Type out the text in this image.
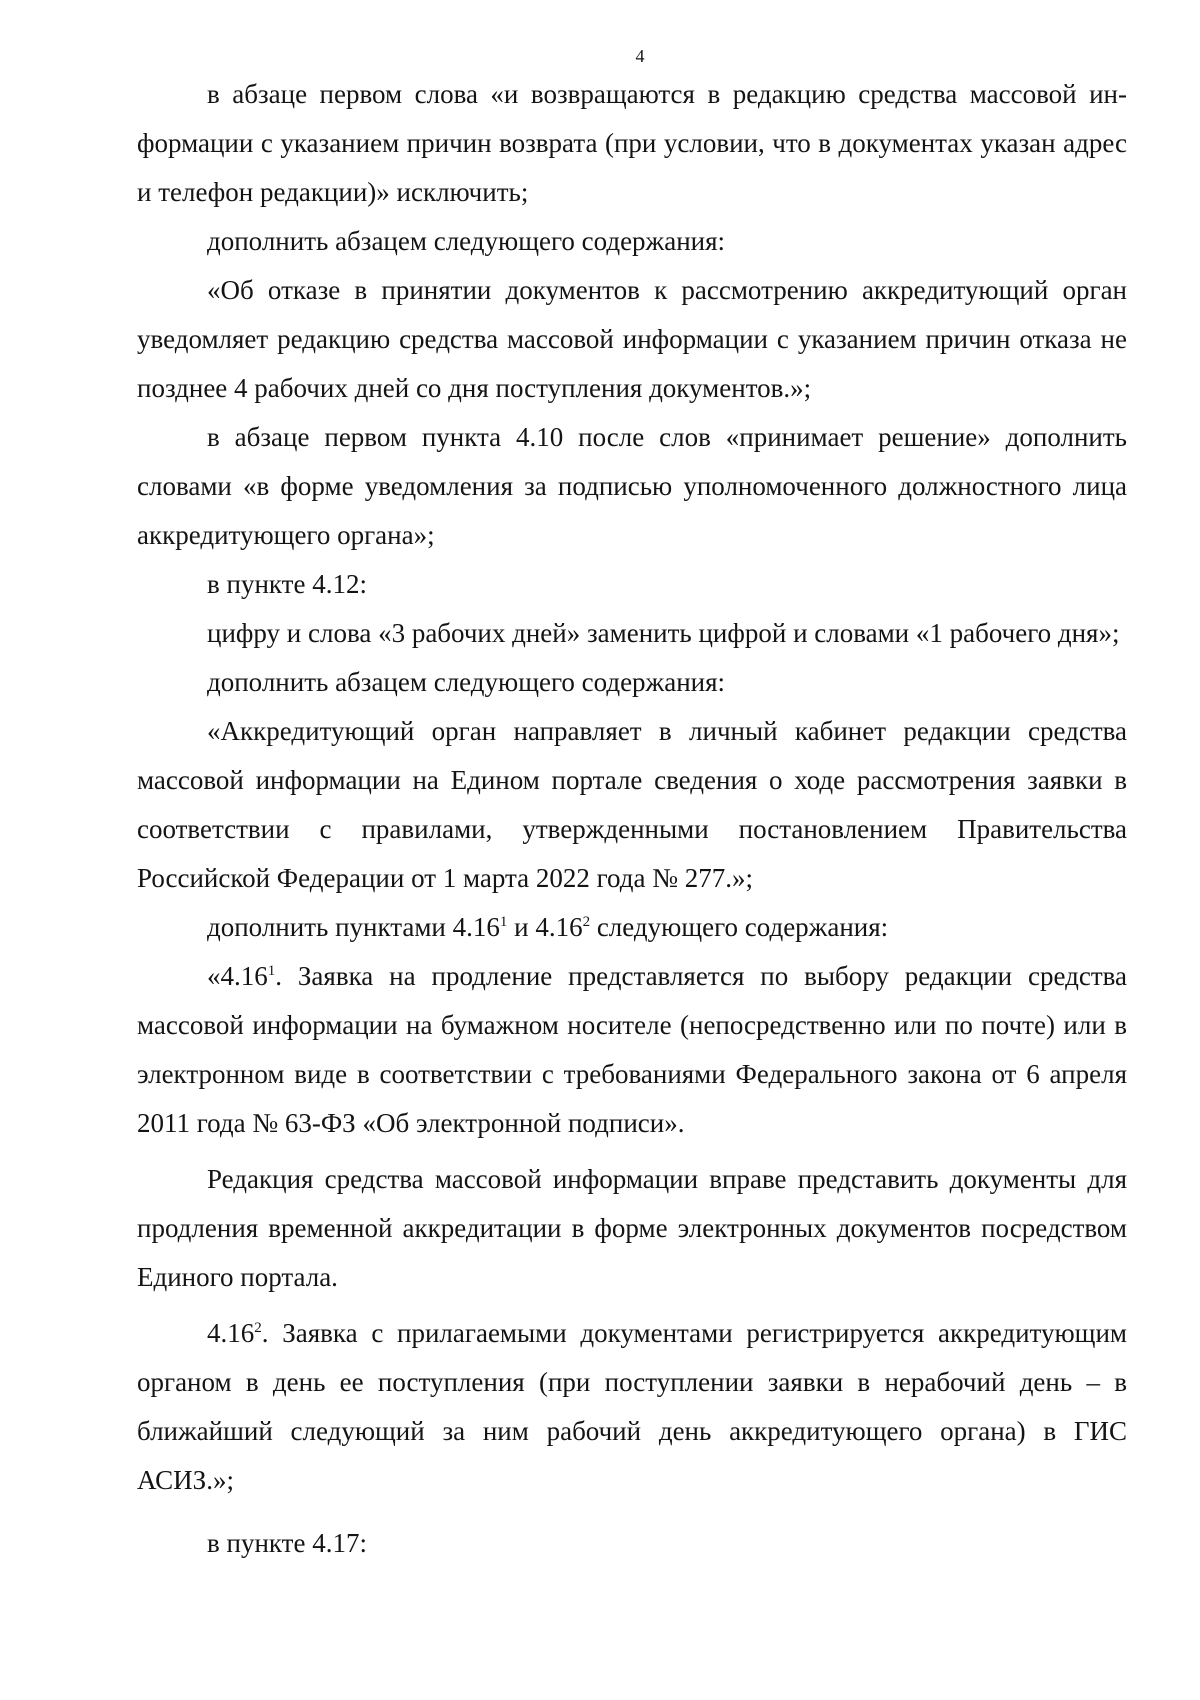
4

в абзаце первом слова «и возвращаются в редакцию средства массовой информации с указанием причин возврата (при условии, что в документах указан адрес и телефон редакции)» исключить;

дополнить абзацем следующего содержания:

«Об отказе в принятии документов к рассмотрению аккредитующий орган уведомляет редакцию средства массовой информации с указанием причин отказа не позднее 4 рабочих дней со дня поступления документов.»;

в абзаце первом пункта 4.10 после слов «принимает решение» дополнить словами «в форме уведомления за подписью уполномоченного должностного лица аккредитующего органа»;

в пункте 4.12:

цифру и слова «3 рабочих дней» заменить цифрой и словами «1 рабочего дня»;

дополнить абзацем следующего содержания:

«Аккредитующий орган направляет в личный кабинет редакции средства массовой информации на Едином портале сведения о ходе рассмотрения заявки в соответствии с правилами, утвержденными постановлением Правительства Российской Федерации от 1 марта 2022 года № 277.»;

дополнить пунктами 4.16$^1$ и 4.16$^2$ следующего содержания:

«4.16$^1$. Заявка на продление представляется по выбору редакции средства массовой информации на бумажном носителе (непосредственно или по почте) или в электронном виде в соответствии с требованиями Федерального закона от 6 апреля 2011 года № 63-ФЗ «Об электронной подписи».

Редакция средства массовой информации вправе представить документы для продления временной аккредитации в форме электронных документов посредством Единого портала.

4.16$^2$. Заявка с прилагаемыми документами регистрируется аккредитующим органом в день ее поступления (при поступлении заявки в нерабочий день – в ближайший следующий за ним рабочий день аккредитующего органа) в ГИС АСИЗ.»;

в пункте 4.17:
